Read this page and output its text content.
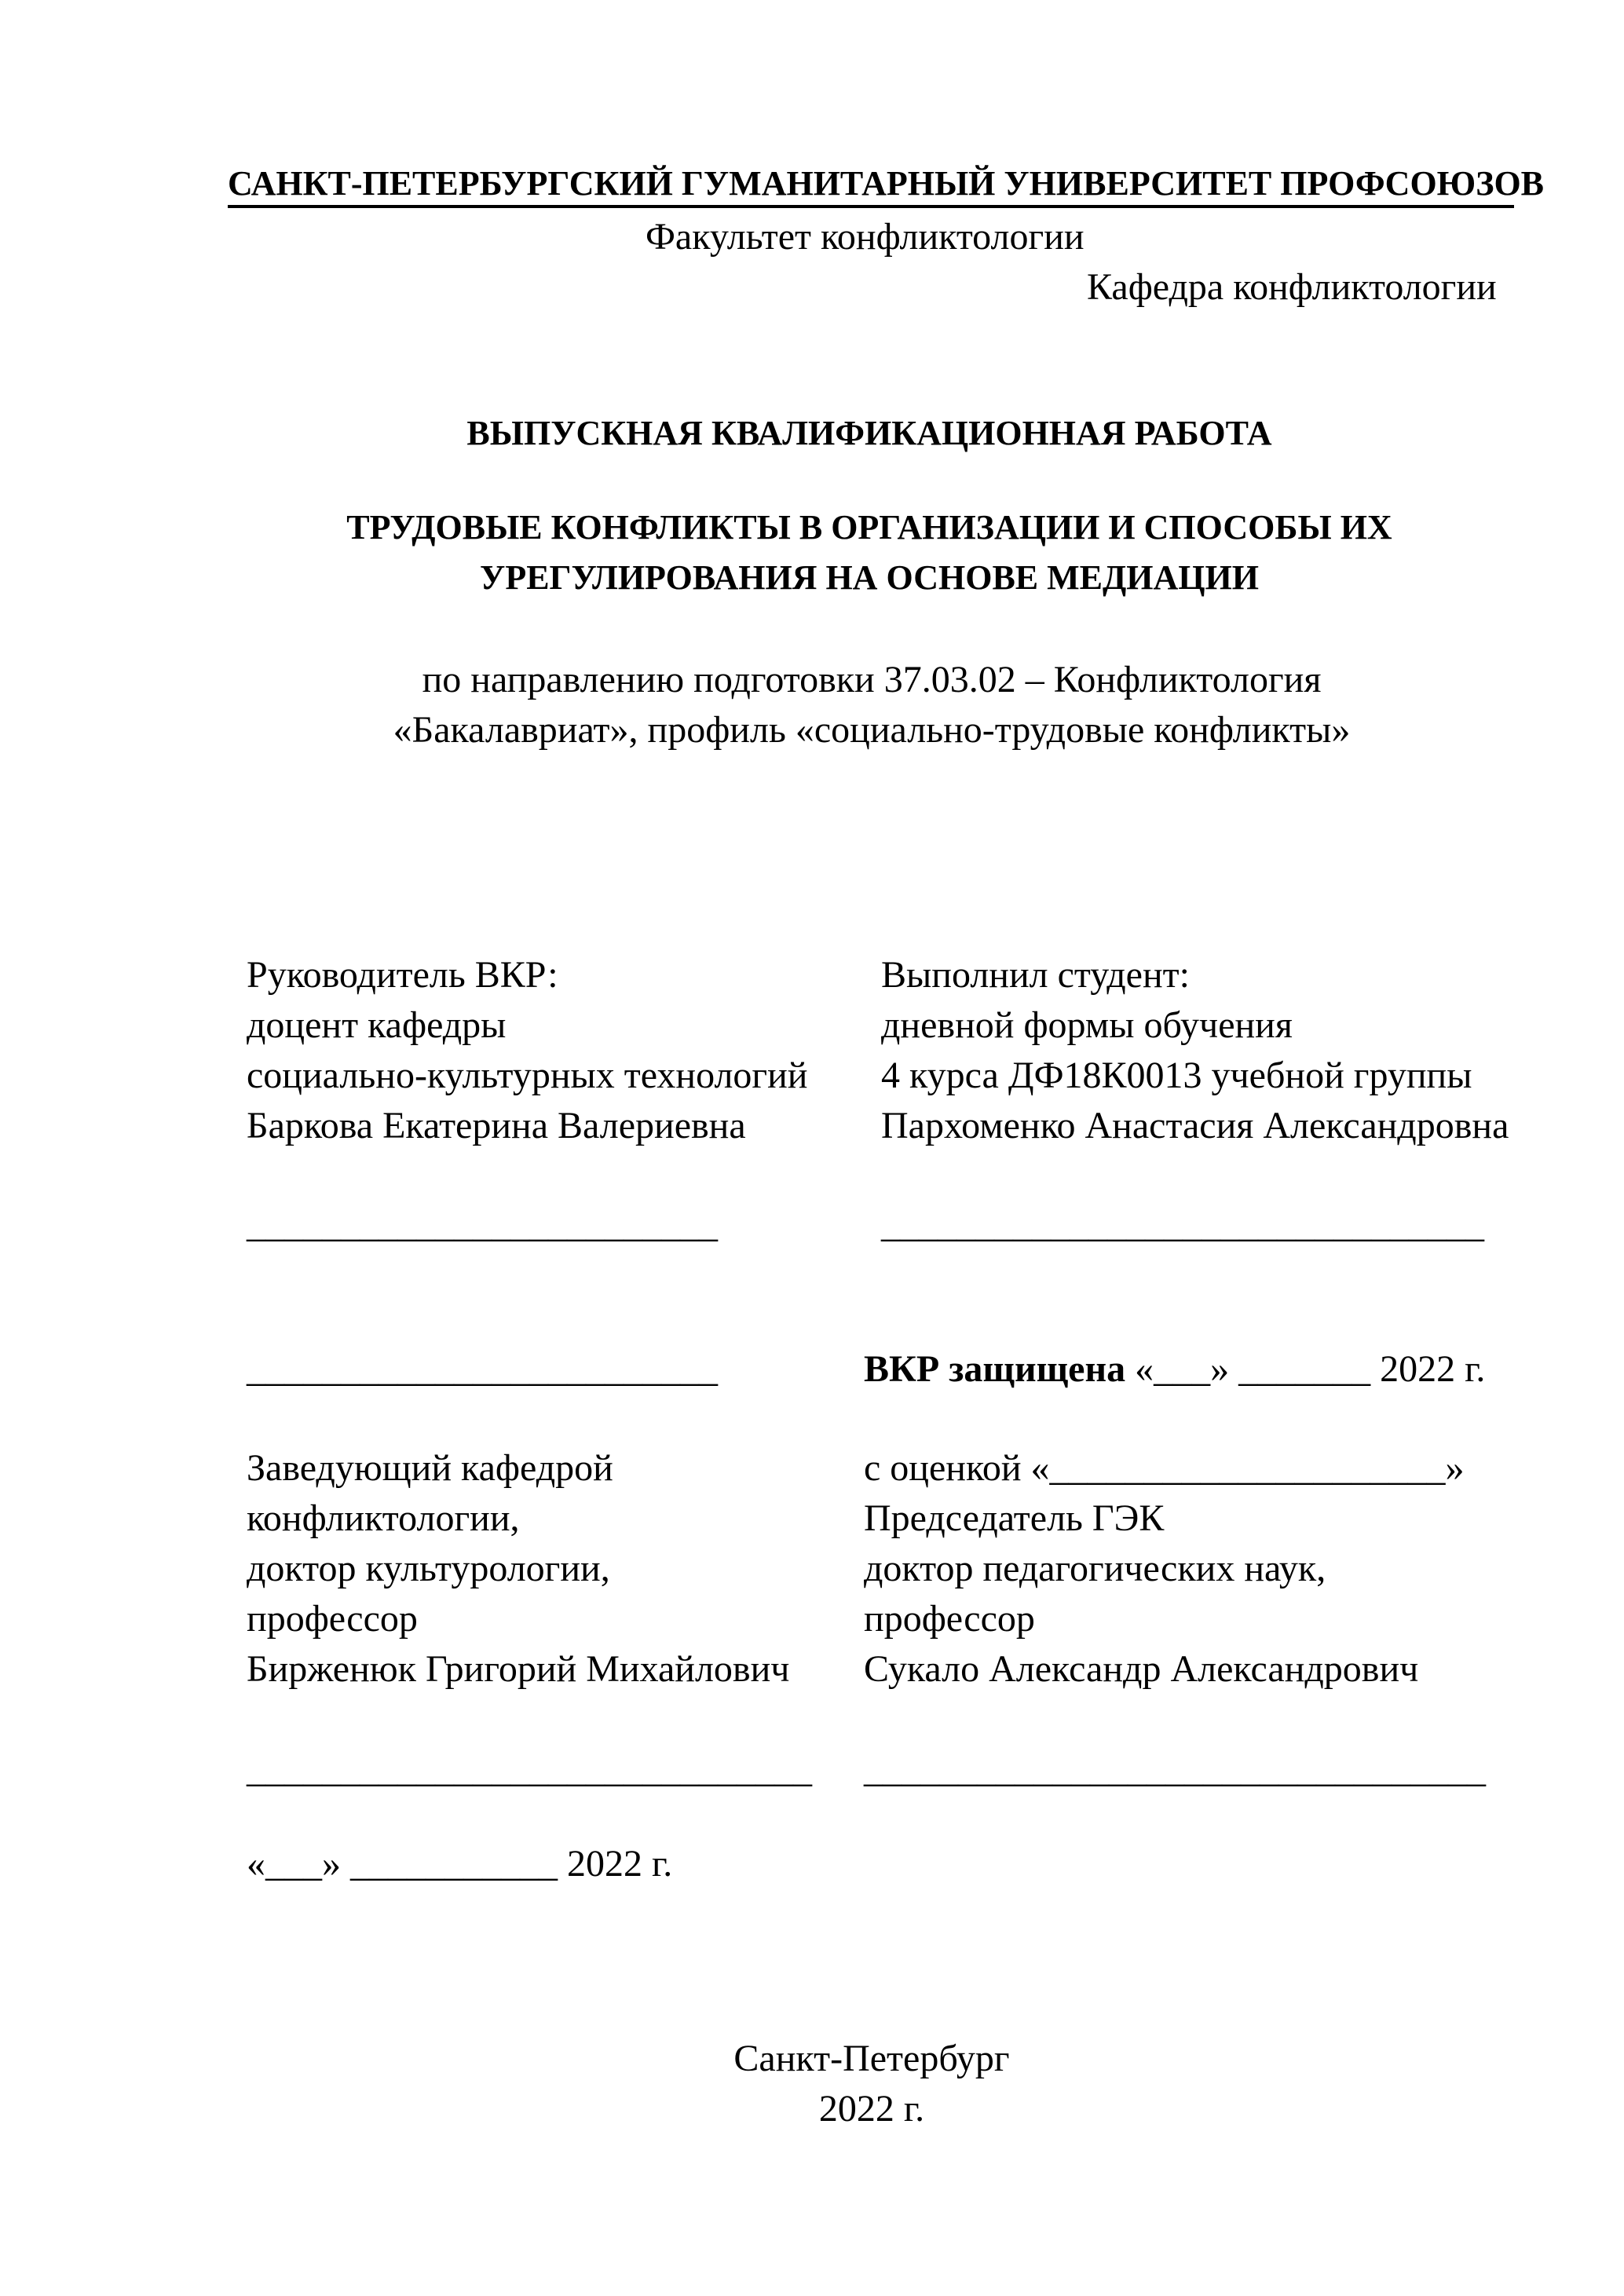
САНКТ-ПЕТЕРБУРГСКИЙ ГУМАНИТАРНЫЙ УНИВЕРСИТЕТ ПРОФСОЮЗОВ
Факультет конфликтологии
Кафедра конфликтологии
ВЫПУСКНАЯ КВАЛИФИКАЦИОННАЯ РАБОТА
ТРУДОВЫЕ КОНФЛИКТЫ В ОРГАНИЗАЦИИ И СПОСОБЫ ИХ
УРЕГУЛИРОВАНИЯ НА ОСНОВЕ МЕДИАЦИИ
по направлению подготовки 37.03.02 – Конфликтология
«Бакалавриат», профиль «социально-трудовые конфликты»
Руководитель ВКР:
доцент кафедры
социально-культурных технологий
Баркова Екатерина Валериевна
_________________________
Выполнил студент:
дневной формы обучения
4 курса ДФ18К0013 учебной группы
Пархоменко Анастасия Александровна
________________________________
_________________________	ВКР защищена «___» _______ 2022 г.
Заведующий кафедрой
конфликтологии,
доктор культурологии,
профессор
Бирженюк Григорий Михайлович
______________________________
с оценкой «_____________________»
Председатель ГЭК
доктор педагогических наук,
профессор
Сукало Александр Александрович
_________________________________
«___» ___________ 2022 г.
Санкт-Петербург
2022 г.
